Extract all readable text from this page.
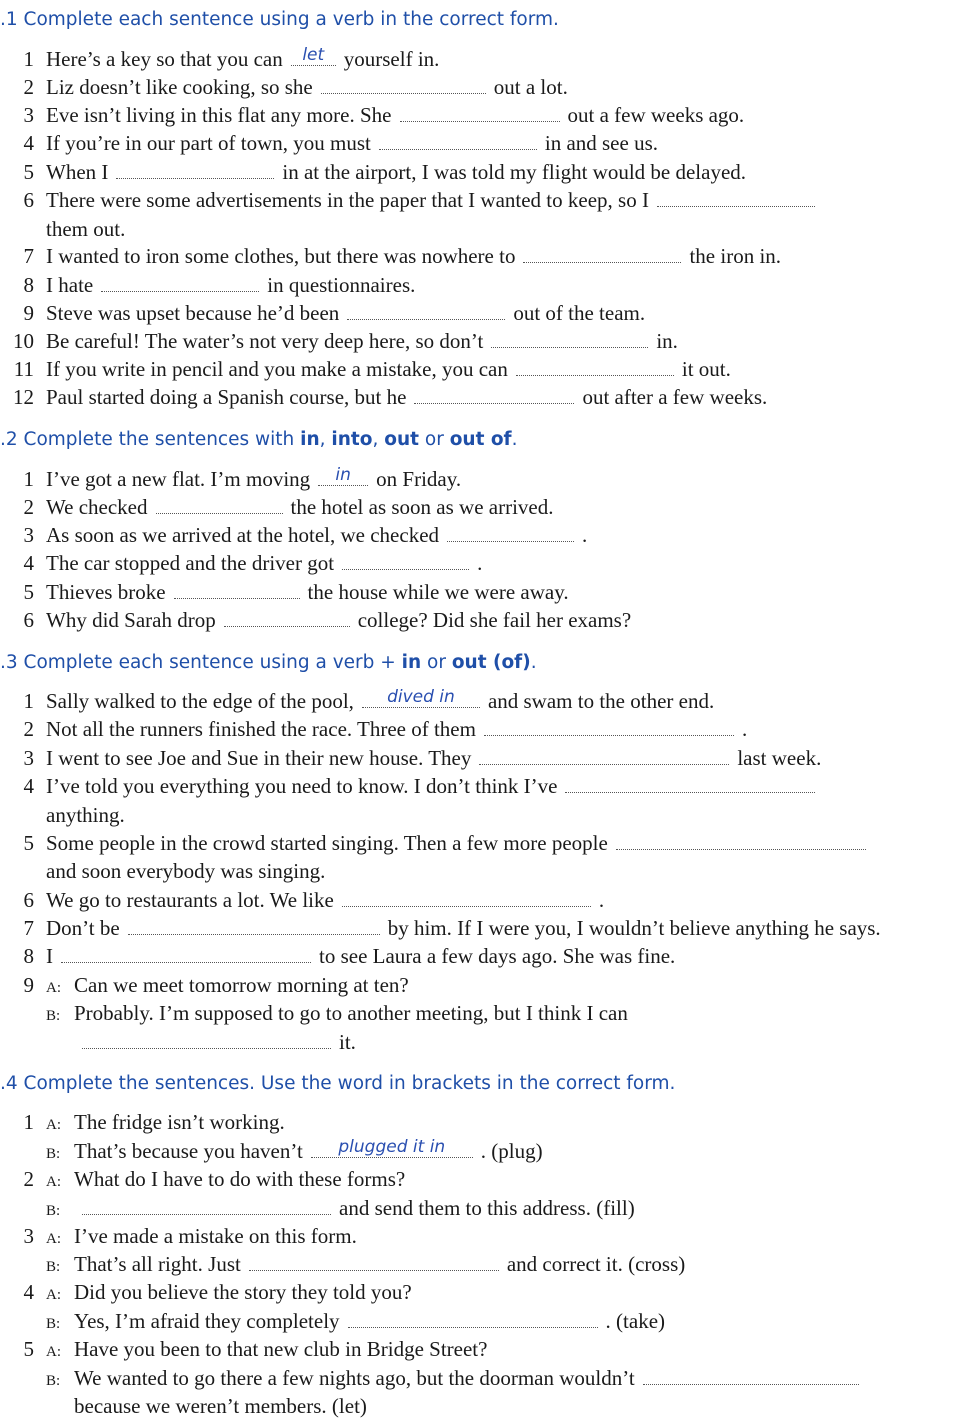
.1 Complete each sentence using a verb in the correct form.
1 Here’s a key so that you can	let yourself in.
2 Liz doesn’t like cooking, so she	out a lot.
3 Eve isn’t living in this flat any more. She	out a few weeks ago.
4 If you’re in our part of town, you must	in and see us.
5 When I	in at the airport, I was told my flight would be delayed.
6 There were some advertisements in the paper that I wanted to keep, so I
them out.
7 I wanted to iron some clothes, but there was nowhere to	the iron in.
8 I hate	in questionnaires.
9 Steve was upset because he’d been	out of the team.
10 Be careful! The water’s not very deep here, so don’t	in.
11 If you write in pencil and you make a mistake, you can	it out.
12 Paul started doing a Spanish course, but he	out after a few weeks.
.2 Complete the sentences with in, into, out or out of.
1 I’ve got a new flat. I’m moving	in	on Friday.
2 We checked	the hotel as soon as we arrived.
3 As soon as we arrived at the hotel, we checked	.
4 The car stopped and the driver got	.
5 Thieves broke	the house while we were away.
6 Why did Sarah drop	college? Did she fail her exams?
.3 Complete each sentence using a verb + in or out (of).
1 Sally walked to the edge of the pool,	dived in	and swam to the other end.
2 Not all the runners finished the race. Three of them	.
3 I went to see Joe and Sue in their new house. They	last week.
4 I’ve told you everything you need to know. I don’t think I’ve
anything.
5 Some people in the crowd started singing. Then a few more people
and soon everybody was singing.
6 We go to restaurants a lot. We like	.
7 Don’t be	by him. If I were you, I wouldn’t believe anything he says.
8 I	to see Laura a few days ago. She was fine.
9 A: Can we meet tomorrow morning at ten?
B: Probably. I’m supposed to go to another meeting, but I think I can
it.
.4 Complete the sentences. Use the word in brackets in the correct form.
1 A: The fridge isn’t working.
B: That’s because you haven’t	plugged it in	. (plug)
2 A: What do I have to do with these forms?
B:	and send them to this address. (fill)
3 A: I’ve made a mistake on this form.
B: That’s all right. Just	and correct it. (cross)
4 A: Did you believe the story they told you?
B: Yes, I’m afraid they completely	. (take)
5 A: Have you been to that new club in Bridge Street?
B: We wanted to go there a few nights ago, but the doorman wouldn’t
because we weren’t members. (let)
